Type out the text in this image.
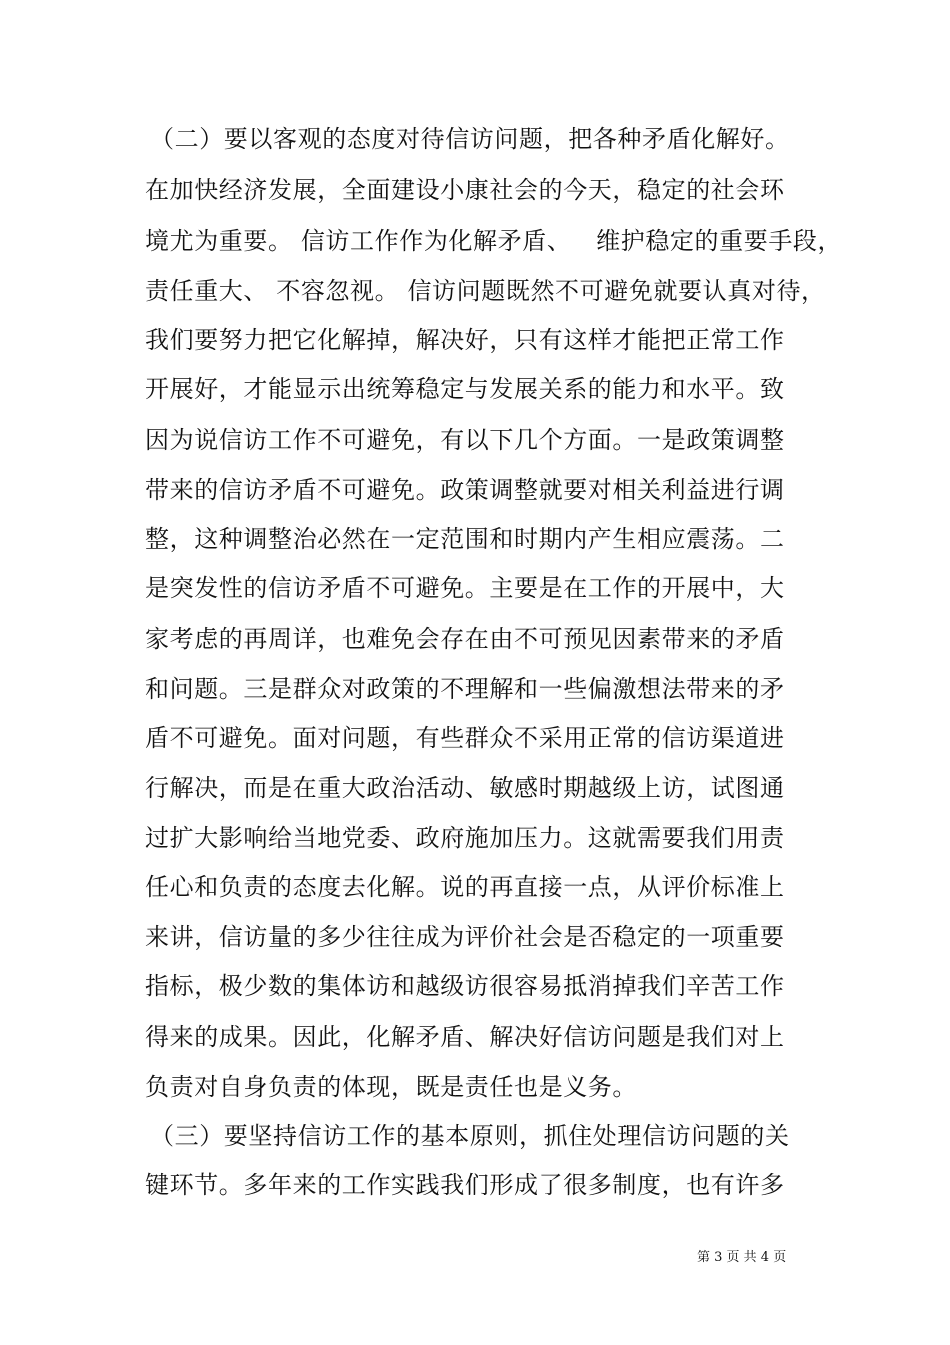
（二）要以客观的态度对待信访问题，把各种矛盾化解好。
在加快经济发展，全面建设小康社会的今天，稳定的社会环
境尤为重要。 信访工作作为化解矛盾、   维护稳定的重要手段，
责任重大、 不容忽视。 信访问题既然不可避免就要认真对待，
我们要努力把它化解掉，解决好，只有这样才能把正常工作
开展好，才能显示出统筹稳定与发展关系的能力和水平。致
因为说信访工作不可避免，有以下几个方面。一是政策调整
带来的信访矛盾不可避免。政策调整就要对相关利益进行调
整，这种调整治必然在一定范围和时期内产生相应震荡。二
是突发性的信访矛盾不可避免。主要是在工作的开展中，大
家考虑的再周详，也难免会存在由不可预见因素带来的矛盾
和问题。三是群众对政策的不理解和一些偏激想法带来的矛
盾不可避免。面对问题，有些群众不采用正常的信访渠道进
行解决，而是在重大政治活动、敏感时期越级上访，试图通
过扩大影响给当地党委、政府施加压力。这就需要我们用责
任心和负责的态度去化解。说的再直接一点，从评价标准上
来讲，信访量的多少往往成为评价社会是否稳定的一项重要
指标，极少数的集体访和越级访很容易抵消掉我们辛苦工作
得来的成果。因此，化解矛盾、解决好信访问题是我们对上
负责对自身负责的体现，既是责任也是义务。
（三）要坚持信访工作的基本原则，抓住处理信访问题的关
键环节。多年来的工作实践我们形成了很多制度，也有许多
第 3 页 共 4 页
